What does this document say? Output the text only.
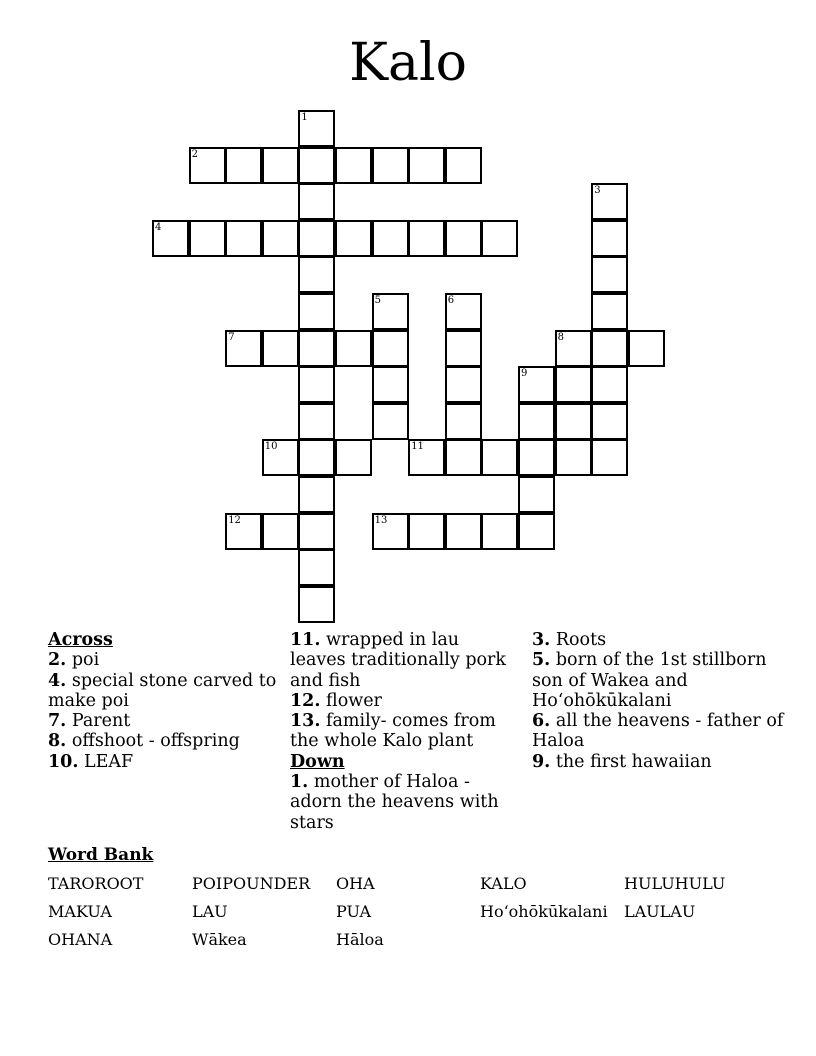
Kalo
1
2
3
4
5	6
7	8
9
10	11
12	13
Across
2. poi
4. special stone carved to make poi
7. Parent
8. offshoot - offspring
10. LEAF
11. wrapped in lau leaves traditionally pork and fish
12. flower
13. family- comes from the whole Kalo plant
Down
1. mother of Haloa - adorn the heavens with stars
3. Roots
5. born of the 1st stillborn son of Wakea and Hoʻohōkūkalani
6. all the heavens - father of Haloa
9. the first hawaiian
Word Bank
TAROROOT	POIPOUNDER	OHA	KALO	HULUHULU
MAKUA	LAU	PUA	Hoʻohōkūkalani	LAULAU
OHANA	Wākea	Hāloa
